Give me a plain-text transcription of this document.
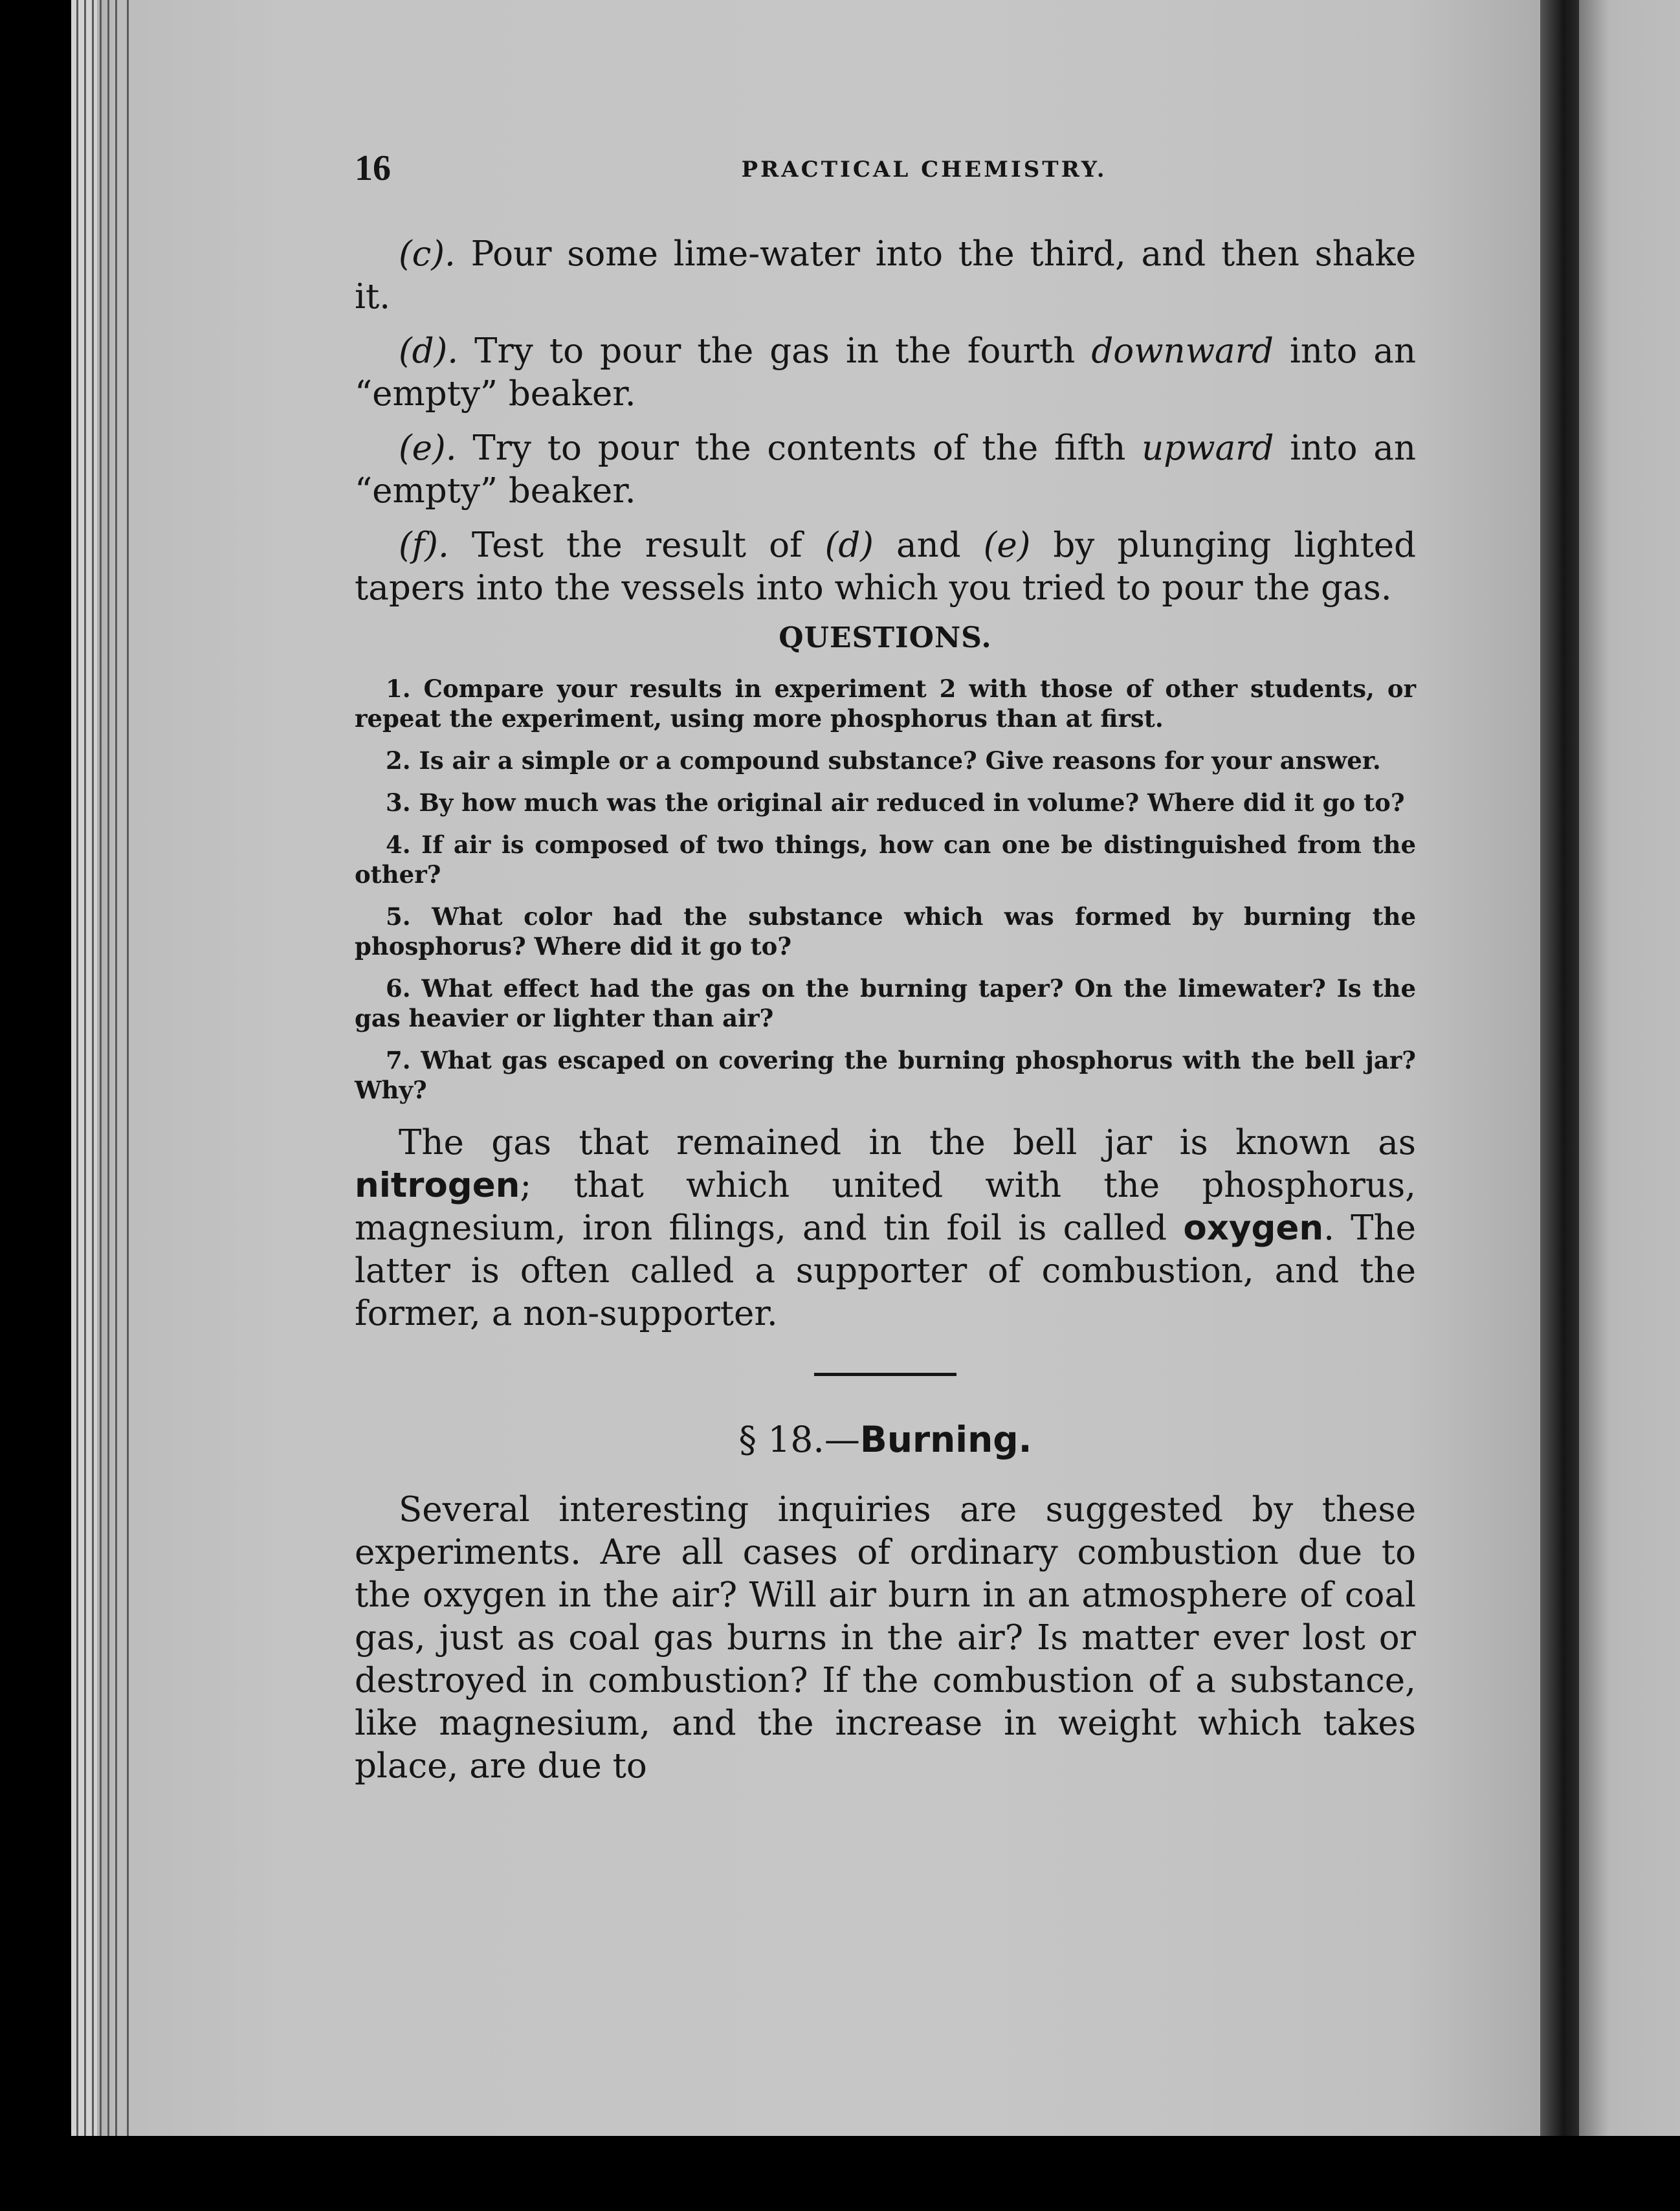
16	PRACTICAL CHEMISTRY.

(c). Pour some lime-water into the third, and then shake it.

(d). Try to pour the gas in the fourth downward into an “empty” beaker.

(e). Try to pour the contents of the fifth upward into an “empty” beaker.

(f). Test the result of (d) and (e) by plunging lighted tapers into the vessels into which you tried to pour the gas.

QUESTIONS.

1. Compare your results in experiment 2 with those of other students, or repeat the experiment, using more phosphorus than at first.

2. Is air a simple or a compound substance? Give reasons for your answer.

3. By how much was the original air reduced in volume? Where did it go to?

4. If air is composed of two things, how can one be distinguished from the other?

5. What color had the substance which was formed by burning the phosphorus? Where did it go to?

6. What effect had the gas on the burning taper? On the limewater? Is the gas heavier or lighter than air?

7. What gas escaped on covering the burning phosphorus with the bell jar? Why?

The gas that remained in the bell jar is known as nitrogen; that which united with the phosphorus, magnesium, iron filings, and tin foil is called oxygen. The latter is often called a supporter of combustion, and the former, a non-supporter.

§ 18.—Burning.

Several interesting inquiries are suggested by these experiments. Are all cases of ordinary combustion due to the oxygen in the air? Will air burn in an atmosphere of coal gas, just as coal gas burns in the air? Is matter ever lost or destroyed in combustion? If the combustion of a substance, like magnesium, and the increase in weight which takes place, are due to
